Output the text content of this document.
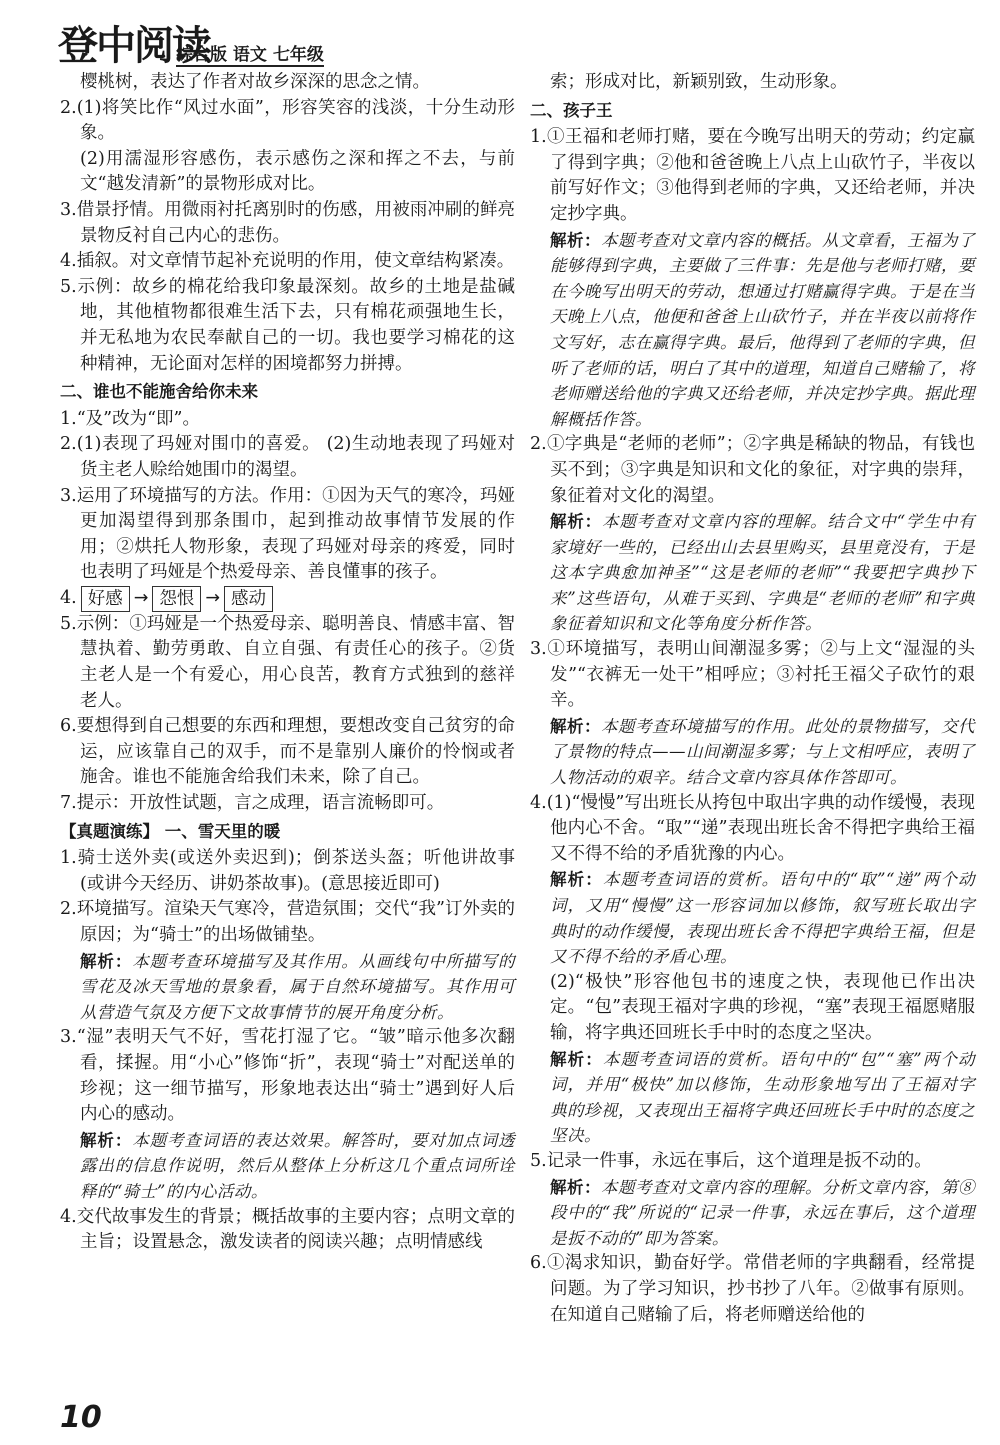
登中阅读
综合版 语文 七年级

樱桃树，表达了作者对故乡深深的思念之情。

2.(1)将笑比作“风过水面”，形容笑容的浅淡，十分生动形象。

(2)用濡湿形容感伤，表示感伤之深和挥之不去，与前文“越发清新”的景物形成对比。

3.借景抒情。用微雨衬托离别时的伤感，用被雨冲刷的鲜亮景物反衬自己内心的悲伤。

4.插叙。对文章情节起补充说明的作用，使文章结构紧凑。

5.示例：故乡的棉花给我印象最深刻。故乡的土地是盐碱地，其他植物都很难生活下去，只有棉花顽强地生长，并无私地为农民奉献自己的一切。我也要学习棉花的这种精神，无论面对怎样的困境都努力拼搏。

二、谁也不能施舍给你未来

1.“及”改为“即”。

2.(1)表现了玛娅对围巾的喜爱。 (2)生动地表现了玛娅对货主老人赊给她围巾的渴望。

3.运用了环境描写的方法。作用：①因为天气的寒冷，玛娅更加渴望得到那条围巾，起到推动故事情节发展的作用；②烘托人物形象，表现了玛娅对母亲的疼爱，同时也表明了玛娅是个热爱母亲、善良懂事的孩子。

4. 好感 → 怨恨 → 感动

5.示例：①玛娅是一个热爱母亲、聪明善良、情感丰富、智慧执着、勤劳勇敢、自立自强、有责任心的孩子。②货主老人是一个有爱心，用心良苦，教育方式独到的慈祥老人。

6.要想得到自己想要的东西和理想，要想改变自己贫穷的命运，应该靠自己的双手，而不是靠别人廉价的怜悯或者施舍。谁也不能施舍给我们未来，除了自己。

7.提示：开放性试题，言之成理，语言流畅即可。

【真题演练】 一、雪天里的暖

1.骑士送外卖(或送外卖迟到)；倒茶送头盔；听他讲故事(或讲今天经历、讲奶茶故事)。(意思接近即可)

2.环境描写。渲染天气寒冷，营造氛围；交代“我”订外卖的原因；为“骑士”的出场做铺垫。

解析：本题考查环境描写及其作用。从画线句中所描写的雪花及冰天雪地的景象看，属于自然环境描写。其作用可从营造气氛及方便下文故事情节的展开角度分析。

3.“湿”表明天气不好，雪花打湿了它。“皱”暗示他多次翻看，揉握。用“小心”修饰“折”，表现“骑士”对配送单的珍视；这一细节描写，形象地表达出“骑士”遇到好人后内心的感动。

解析：本题考查词语的表达效果。解答时，要对加点词透露出的信息作说明，然后从整体上分析这几个重点词所诠释的“骑士”的内心活动。

4.交代故事发生的背景；概括故事的主要内容；点明文章的主旨；设置悬念，激发读者的阅读兴趣；点明情感线

索；形成对比，新颖别致，生动形象。

二、孩子王

1.①王福和老师打赌，要在今晚写出明天的劳动；约定赢了得到字典；②他和爸爸晚上八点上山砍竹子，半夜以前写好作文；③他得到老师的字典，又还给老师，并决定抄字典。

解析：本题考查对文章内容的概括。从文章看，王福为了能够得到字典，主要做了三件事：先是他与老师打赌，要在今晚写出明天的劳动，想通过打赌赢得字典。于是在当天晚上八点，他便和爸爸上山砍竹子，并在半夜以前将作文写好，志在赢得字典。最后，他得到了老师的字典，但听了老师的话，明白了其中的道理，知道自己赌输了，将老师赠送给他的字典又还给老师，并决定抄字典。据此理解概括作答。

2.①字典是“老师的老师”；②字典是稀缺的物品，有钱也买不到；③字典是知识和文化的象征，对字典的崇拜，象征着对文化的渴望。

解析：本题考查对文章内容的理解。结合文中“学生中有家境好一些的，已经出山去县里购买，县里竟没有，于是这本字典愈加神圣”“这是老师的老师”“我要把字典抄下来”这些语句，从难于买到、字典是“老师的老师”和字典象征着知识和文化等角度分析作答。

3.①环境描写，表明山间潮湿多雾；②与上文“湿湿的头发”“衣裤无一处干”相呼应；③衬托王福父子砍竹的艰辛。

解析：本题考查环境描写的作用。此处的景物描写，交代了景物的特点——山间潮湿多雾；与上文相呼应，表明了人物活动的艰辛。结合文章内容具体作答即可。

4.(1)“慢慢”写出班长从挎包中取出字典的动作缓慢，表现他内心不舍。“取”“递”表现出班长舍不得把字典给王福又不得不给的矛盾犹豫的内心。

解析：本题考查词语的赏析。语句中的“取”“递”两个动词，又用“慢慢”这一形容词加以修饰，叙写班长取出字典时的动作缓慢，表现出班长舍不得把字典给王福，但是又不得不给的矛盾心理。

(2)“极快”形容他包书的速度之快，表现他已作出决定。“包”表现王福对字典的珍视，“塞”表现王福愿赌服输，将字典还回班长手中时的态度之坚决。

解析：本题考查词语的赏析。语句中的“包”“塞”两个动词，并用“极快”加以修饰，生动形象地写出了王福对字典的珍视，又表现出王福将字典还回班长手中时的态度之坚决。

5.记录一件事，永远在事后，这个道理是扳不动的。

解析：本题考查对文章内容的理解。分析文章内容，第⑧段中的“我”所说的“记录一件事，永远在事后，这个道理是扳不动的”即为答案。

6.①渴求知识，勤奋好学。常借老师的字典翻看，经常提问题。为了学习知识，抄书抄了八年。②做事有原则。在知道自己赌输了后，将老师赠送给他的

10
